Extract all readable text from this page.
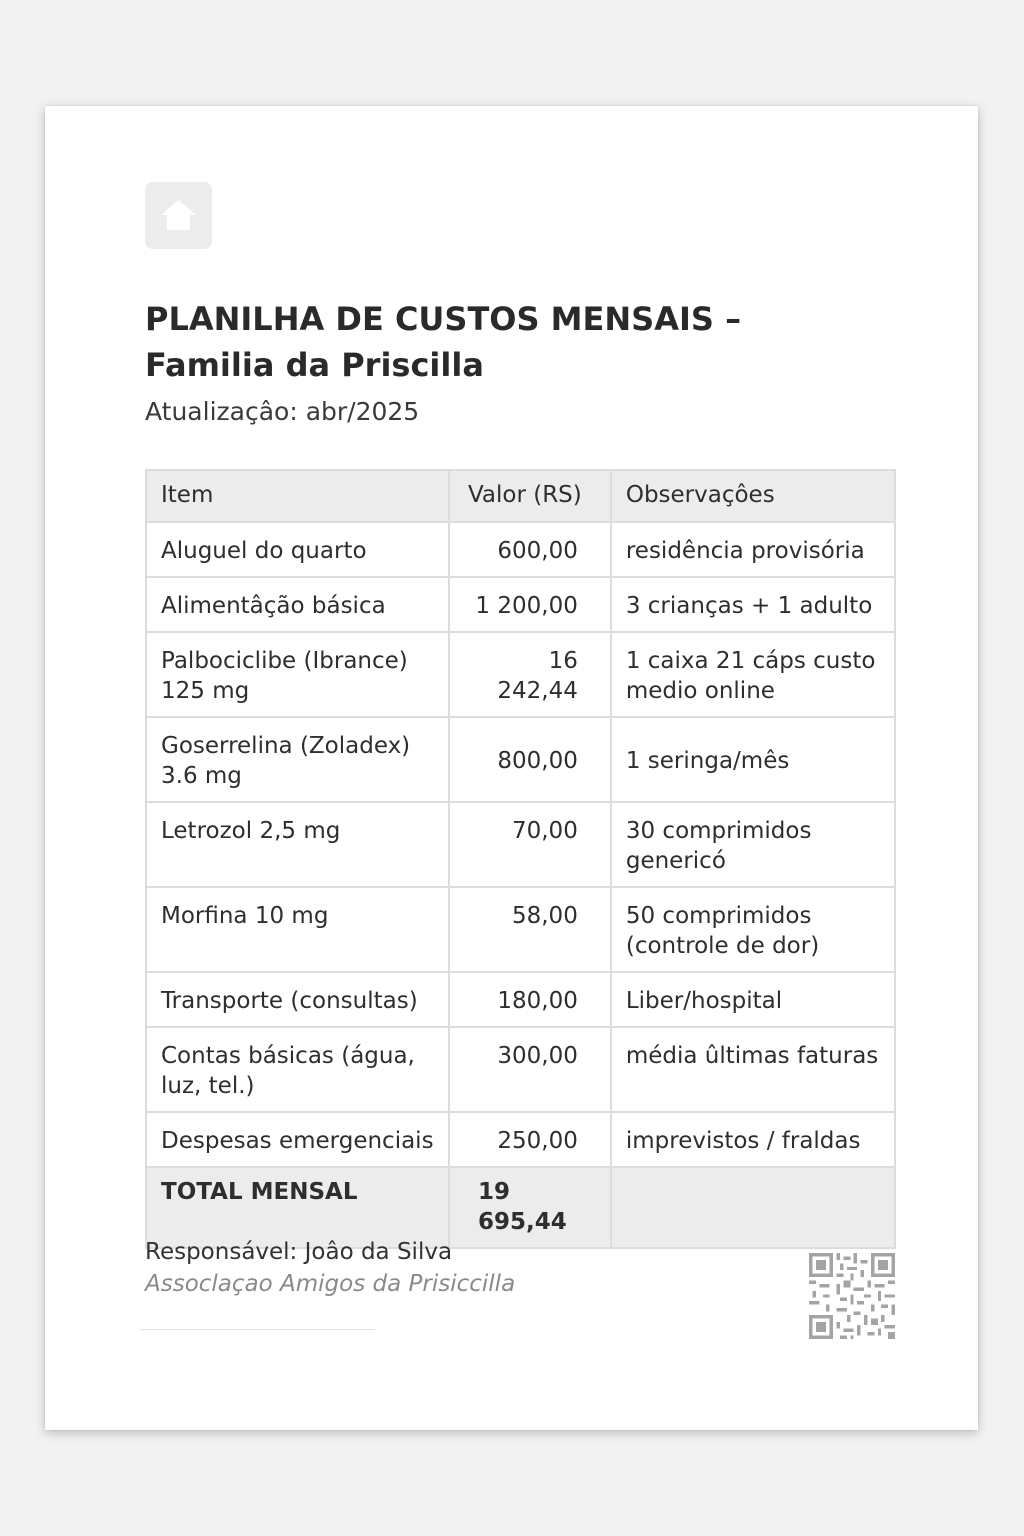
PLANILHA DE CUSTOS MENSAIS –
Familia da Priscilla
Atualizaçâo: abr/2025
Item	Valor (RS)	Observaçôes
Aluguel do quarto	600,00	residência provisória
Alimentâção básica	1 200,00	3 crianças + 1 adulto
Palbociclibe (Ibrance) 125 mg	16 242,44	1 caixa 21 cáps custo medio online
Goserrelina (Zoladex) 3.6 mg	800,00	1 seringa/mês
Letrozol 2,5 mg	70,00	30 comprimidos genericó
Morfina 10 mg	58,00	50 comprimidos (controle de dor)
Transporte (consultas)	180,00	Liber/hospital
Contas básicas (água, luz, tel.)	300,00	média ûltimas faturas
Despesas emergenciais	250,00	imprevistos / fraldas
TOTAL MENSAL	19 695,44	
Responsável: Joâo da Silva
Assoclaçao Amigos da Prisiccilla
